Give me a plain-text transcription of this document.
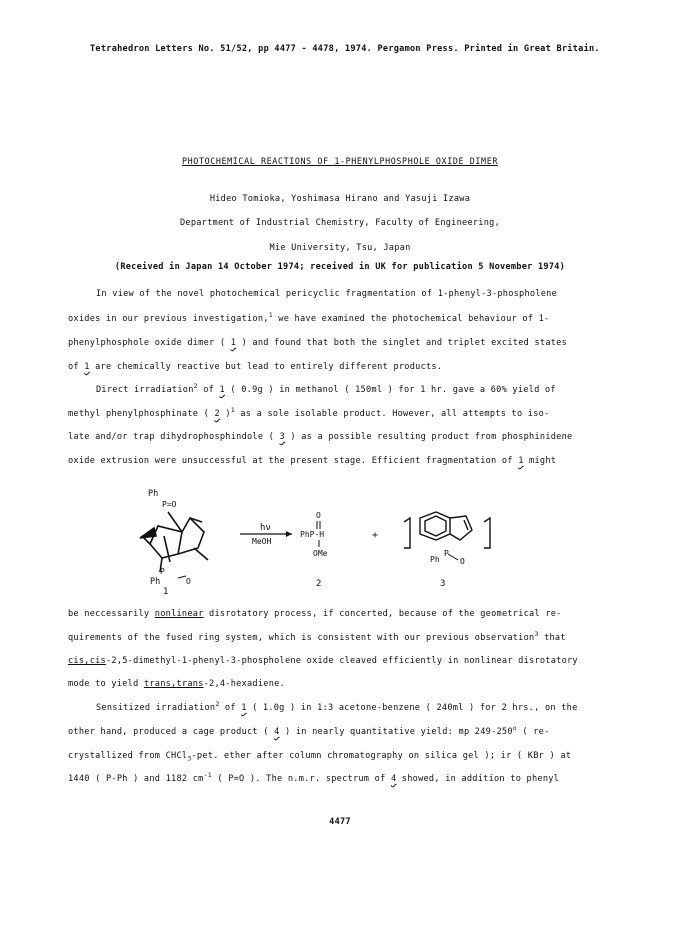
Tetrahedron Letters No. 51/52, pp 4477 - 4478, 1974. Pergamon Press. Printed in Great Britain.
PHOTOCHEMICAL REACTIONS OF 1-PHENYLPHOSPHOLE OXIDE DIMER
Hideo Tomioka, Yoshimasa Hirano and Yasuji Izawa
Department of Industrial Chemistry, Faculty of Engineering,
Mie University, Tsu, Japan
(Received in Japan 14 October 1974; received in UK for publication 5 November 1974)
In view of the novel photochemical pericyclic fragmentation of 1-phenyl-3-phospholene
oxides in our previous investigation,$^1$ we have examined the photochemical behaviour of 1-
phenylphosphole oxide dimer ( 1 ) and found that both the singlet and triplet excited states
of 1 are chemically reactive but lead to entirely different products.
Direct irradiation$^2$ of 1 ( 0.9g ) in methanol ( 150ml ) for 1 hr. gave a 60% yield of
methyl phenylphosphinate ( 2 )$^1$ as a sole isolable product. However, all attempts to iso-
late and/or trap dihydrophosphindole ( 3 ) as a possible resulting product from phosphinidene
oxide extrusion were unsuccessful at the present stage. Efficient fragmentation of 1 might
Ph
P=O
Ph
P
O
hν
MeOH
O
PhP-H
OMe
+
P
Ph	O
1
2	3
be neccessarily nonlinear disrotatory process, if concerted, because of the geometrical re-
quirements of the fused ring system, which is consistent with our previous observation$^3$ that
cis,cis-2,5-dimethyl-1-phenyl-3-phospholene oxide cleaved efficiently in nonlinear disrotatory
mode to yield trans,trans-2,4-hexadiene.
Sensitized irradiation$^2$ of 1 ( 1.0g ) in 1:3 acetone-benzene ( 240ml ) for 2 hrs., on the
other hand, produced a cage product ( 4 ) in nearly quantitative yield: mp 249-250$^o$ ( re-
crystallized from CHCl$_3$-pet. ether after column chromatography on silica gel ); ir ( KBr ) at
1440 ( P-Ph ) and 1182 $cm^{-1}$ ( P=O ). The n.m.r. spectrum of 4 showed, in addition to phenyl
4477
